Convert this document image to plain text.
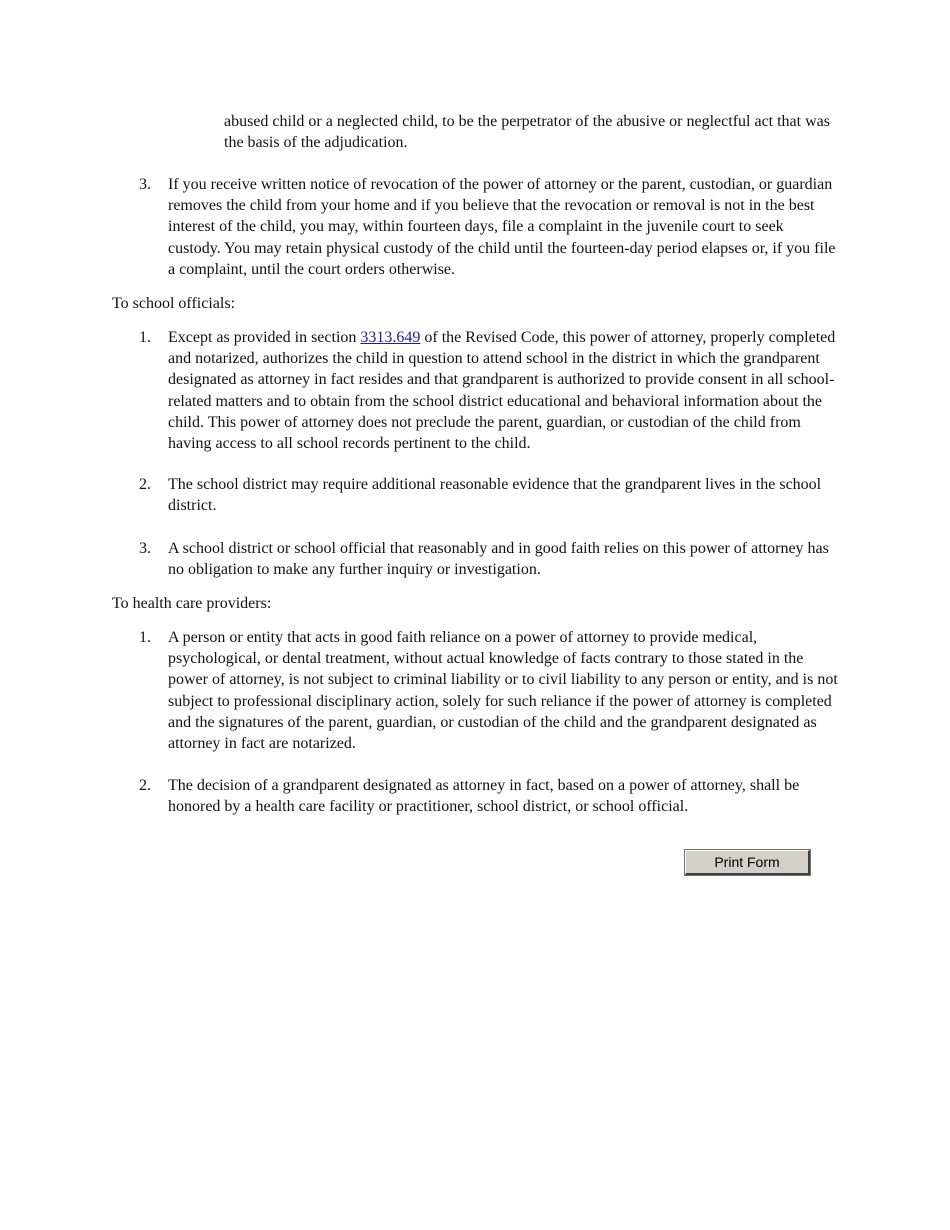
abused child or a neglected child, to be the perpetrator of the abusive or neglectful act that was the basis of the adjudication.

3.	If you receive written notice of revocation of the power of attorney or the parent, custodian, or guardian removes the child from your home and if you believe that the revocation or removal is not in the best interest of the child, you may, within fourteen days, file a complaint in the juvenile court to seek custody. You may retain physical custody of the child until the fourteen-day period elapses or, if you file a complaint, until the court orders otherwise.

To school officials:

1.	Except as provided in section 3313.649 of the Revised Code, this power of attorney, properly completed and notarized, authorizes the child in question to attend school in the district in which the grandparent designated as attorney in fact resides and that grandparent is authorized to provide consent in all school-related matters and to obtain from the school district educational and behavioral information about the child. This power of attorney does not preclude the parent, guardian, or custodian of the child from having access to all school records pertinent to the child.
2.	The school district may require additional reasonable evidence that the grandparent lives in the school district.
3.	A school district or school official that reasonably and in good faith relies on this power of attorney has no obligation to make any further inquiry or investigation.

To health care providers:

1.	A person or entity that acts in good faith reliance on a power of attorney to provide medical, psychological, or dental treatment, without actual knowledge of facts contrary to those stated in the power of attorney, is not subject to criminal liability or to civil liability to any person or entity, and is not subject to professional disciplinary action, solely for such reliance if the power of attorney is completed and the signatures of the parent, guardian, or custodian of the child and the grandparent designated as attorney in fact are notarized.
2.	The decision of a grandparent designated as attorney in fact, based on a power of attorney, shall be honored by a health care facility or practitioner, school district, or school official.
Print Form
